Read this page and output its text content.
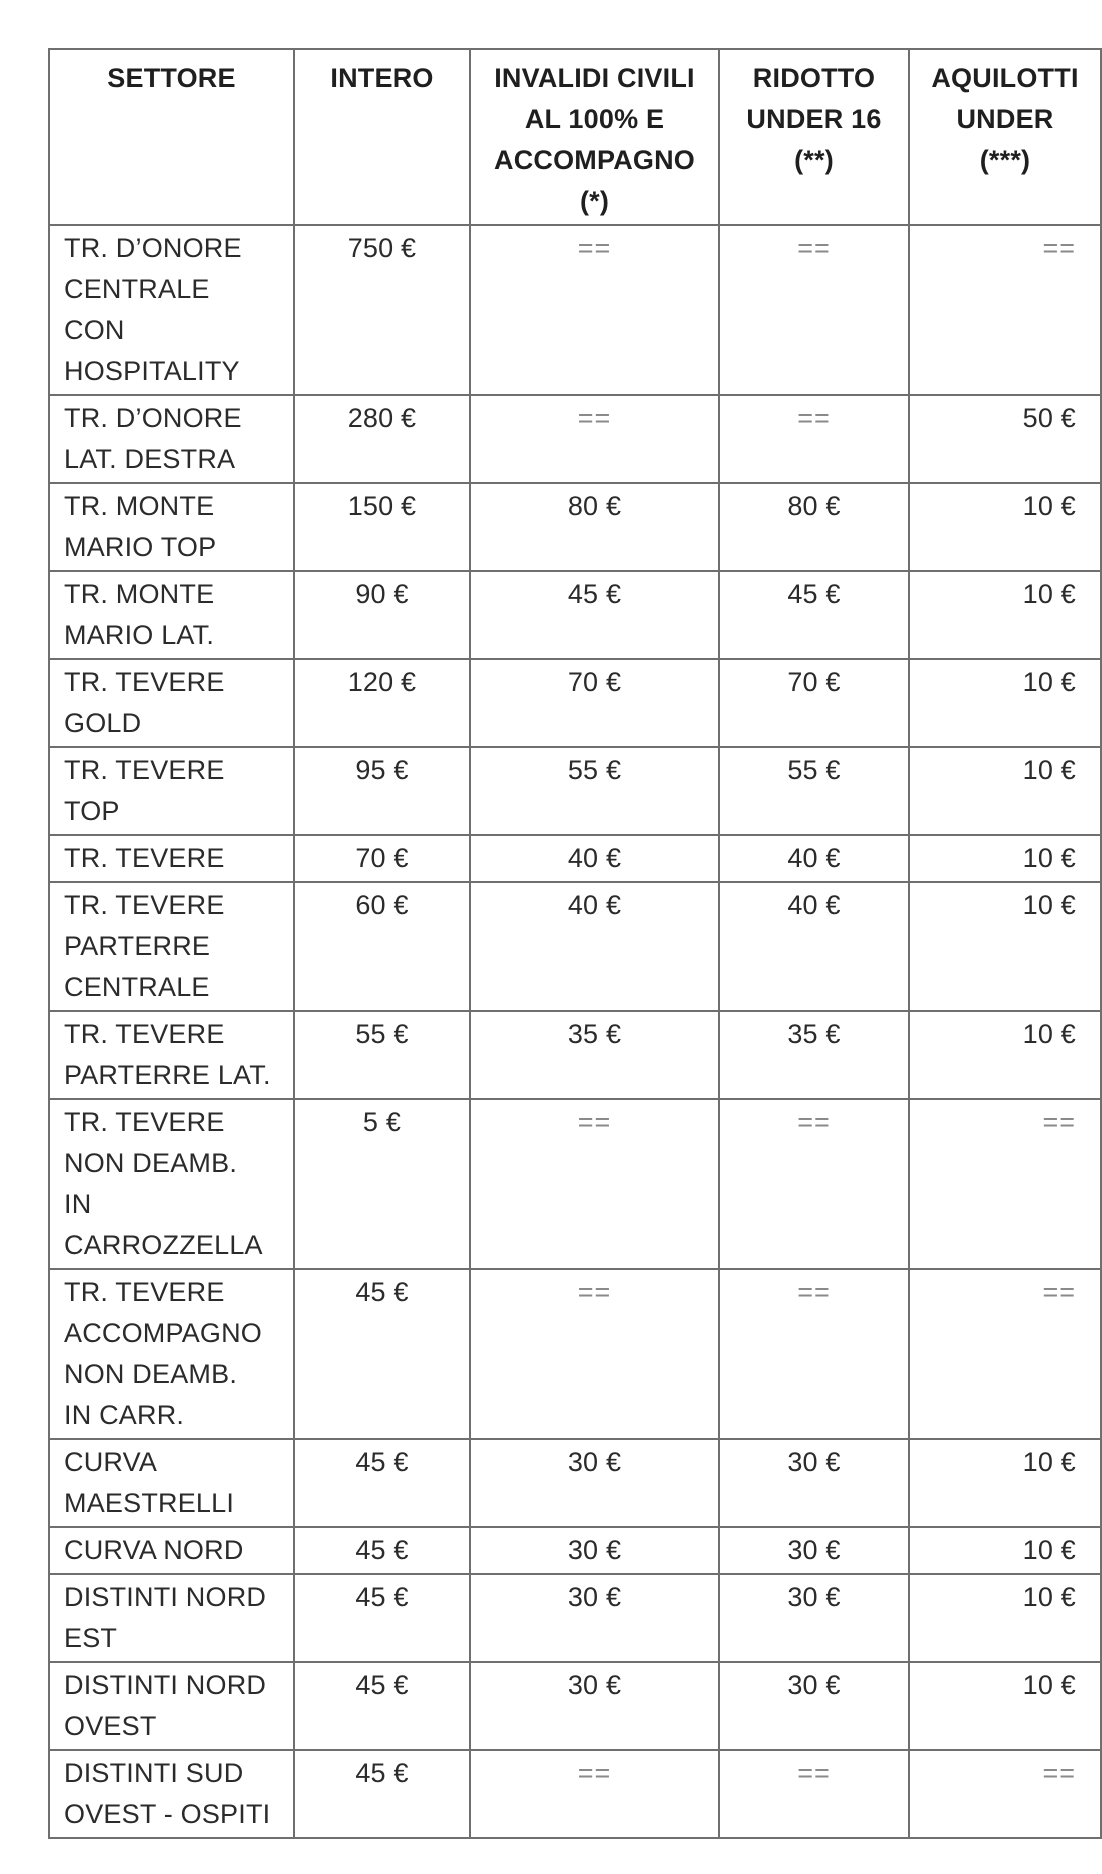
SETTORE	INTERO	INVALIDI CIVILI
AL 100% E
ACCOMPAGNO
(*)	RIDOTTO
UNDER 16
(**)	AQUILOTTI
UNDER
(***)
TR. D’ONORE
CENTRALE
CON
HOSPITALITY	750 €	==	==	==
TR. D’ONORE
LAT. DESTRA	280 €	==	==	50 €
TR. MONTE
MARIO TOP	150 €	80 €	80 €	10 €
TR. MONTE
MARIO LAT.	90 €	45 €	45 €	10 €
TR. TEVERE
GOLD	120 €	70 €	70 €	10 €
TR. TEVERE
TOP	95 €	55 €	55 €	10 €
TR. TEVERE	70 €	40 €	40 €	10 €
TR. TEVERE
PARTERRE
CENTRALE	60 €	40 €	40 €	10 €
TR. TEVERE
PARTERRE LAT.	55 €	35 €	35 €	10 €
TR. TEVERE
NON DEAMB.
IN
CARROZZELLA	5 €	==	==	==
TR. TEVERE
ACCOMPAGNO
NON DEAMB.
IN CARR.	45 €	==	==	==
CURVA
MAESTRELLI	45 €	30 €	30 €	10 €
CURVA NORD	45 €	30 €	30 €	10 €
DISTINTI NORD
EST	45 €	30 €	30 €	10 €
DISTINTI NORD
OVEST	45 €	30 €	30 €	10 €
DISTINTI SUD
OVEST - OSPITI	45 €	==	==	==
